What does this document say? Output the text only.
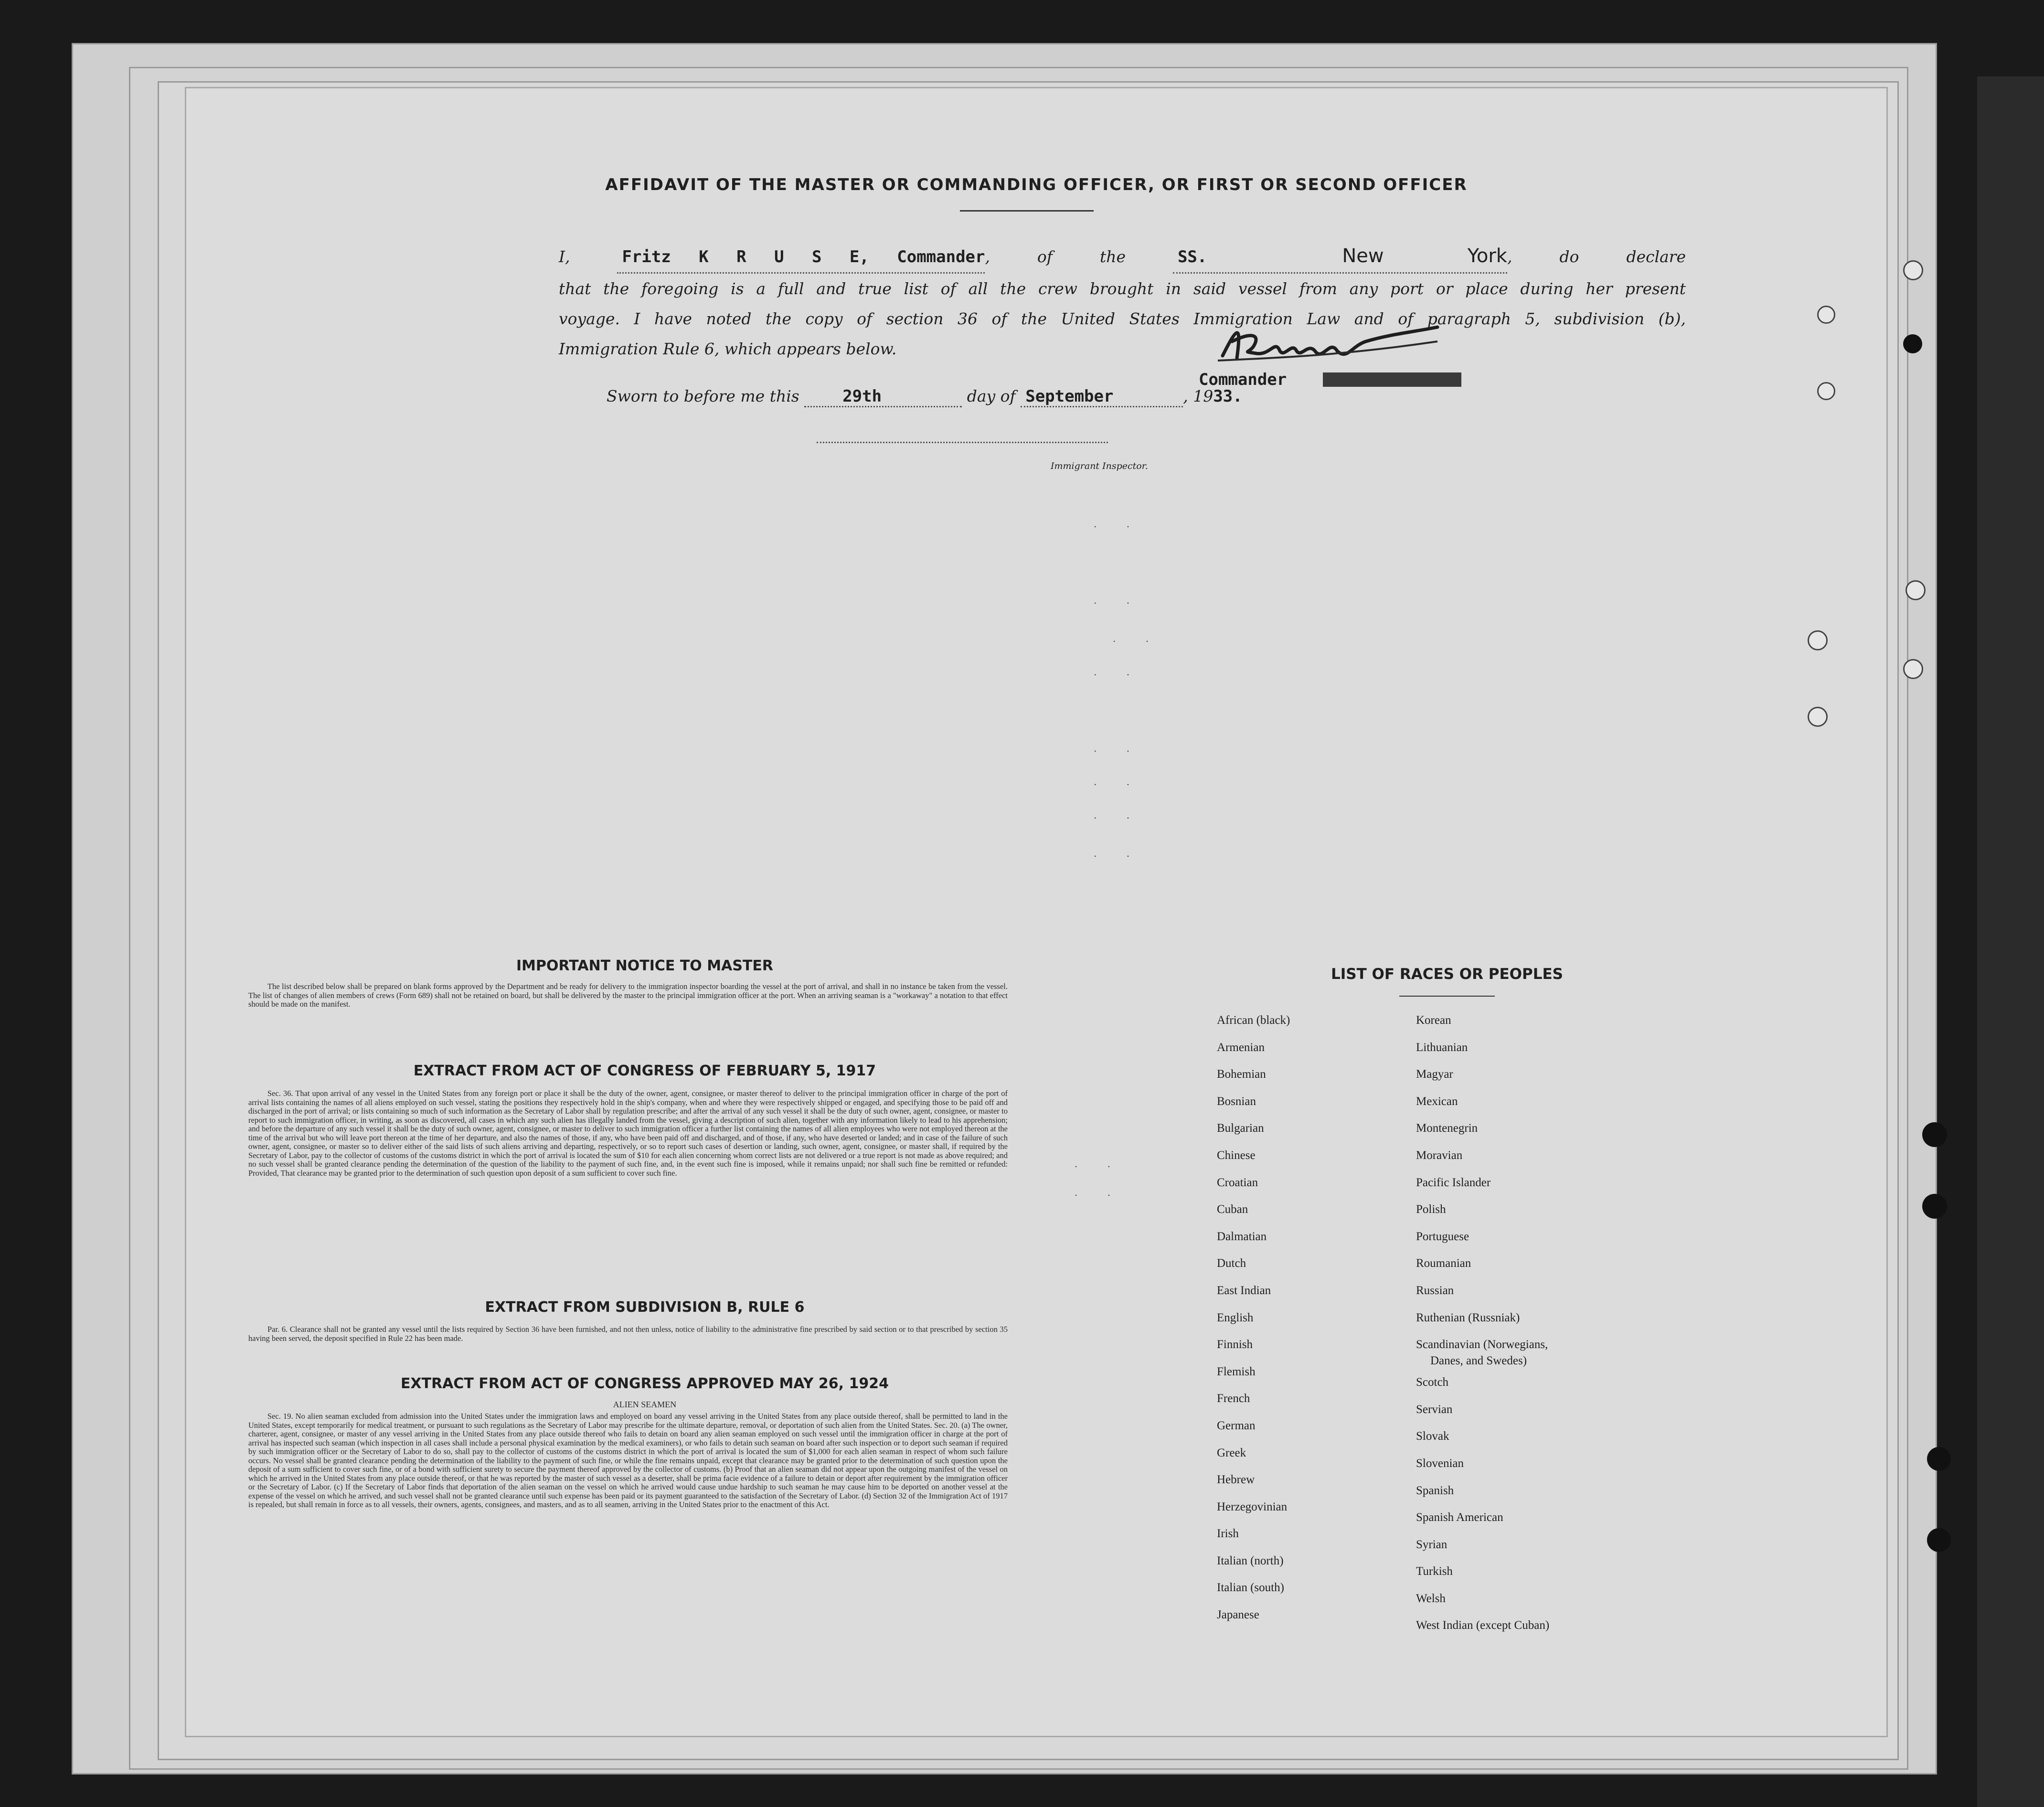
AFFIDAVIT OF THE MASTER OR COMMANDING OFFICER, OR FIRST OR SECOND OFFICER
I,	Fritz K R U S E, Commander, of the	SS.	New York, do declare
that the foregoing is a full and true list of all the crew brought in said vessel from any port or place during her present
voyage. I have noted the copy of section 36 of the United States Immigration Law and of paragraph 5, subdivision (b),
Immigration Rule 6, which appears below.
Commander
Sworn to before me this	29th	day of September	, 1933.
Immigrant Inspector.
. .
. .
. .
. .
. .
. .
. .
. .
. .
. .
IMPORTANT NOTICE TO MASTER
The list described below shall be prepared on blank forms approved by the Department and be ready for delivery to the immigration inspector boarding the vessel at the port of arrival, and shall in no instance be taken from the vessel. The list of changes of alien members of crews (Form 689) shall not be retained on board, but shall be delivered by the master to the principal immigration officer at the port. When an arriving seaman is a "workaway" a notation to that effect should be made on the manifest.
EXTRACT FROM ACT OF CONGRESS OF FEBRUARY 5, 1917
Sec. 36. That upon arrival of any vessel in the United States from any foreign port or place it shall be the duty of the owner, agent, consignee, or master thereof to deliver to the principal immigration officer in charge of the port of arrival lists containing the names of all aliens employed on such vessel, stating the positions they respectively hold in the ship's company, when and where they were respectively shipped or engaged, and specifying those to be paid off and discharged in the port of arrival; or lists containing so much of such information as the Secretary of Labor shall by regulation prescribe; and after the arrival of any such vessel it shall be the duty of such owner, agent, consignee, or master to report to such immigration officer, in writing, as soon as discovered, all cases in which any such alien has illegally landed from the vessel, giving a description of such alien, together with any information likely to lead to his apprehension; and before the departure of any such vessel it shall be the duty of such owner, agent, consignee, or master to deliver to such immigration officer a further list containing the names of all alien employees who were not employed thereon at the time of the arrival but who will leave port thereon at the time of her departure, and also the names of those, if any, who have been paid off and discharged, and of those, if any, who have deserted or landed; and in case of the failure of such owner, agent, consignee, or master so to deliver either of the said lists of such aliens arriving and departing, respectively, or so to report such cases of desertion or landing, such owner, agent, consignee, or master shall, if required by the Secretary of Labor, pay to the collector of customs of the customs district in which the port of arrival is located the sum of $10 for each alien concerning whom correct lists are not delivered or a true report is not made as above required; and no such vessel shall be granted clearance pending the determination of the question of the liability to the payment of such fine, and, in the event such fine is imposed, while it remains unpaid; nor shall such fine be remitted or refunded: Provided, That clearance may be granted prior to the determination of such question upon deposit of a sum sufficient to cover such fine.
EXTRACT FROM SUBDIVISION B, RULE 6
Par. 6. Clearance shall not be granted any vessel until the lists required by Section 36 have been furnished, and not then unless, notice of liability to the administrative fine prescribed by said section or to that prescribed by section 35 having been served, the deposit specified in Rule 22 has been made.
EXTRACT FROM ACT OF CONGRESS APPROVED MAY 26, 1924
ALIEN SEAMEN
Sec. 19. No alien seaman excluded from admission into the United States under the immigration laws and employed on board any vessel arriving in the United States from any place outside thereof, shall be permitted to land in the United States, except temporarily for medical treatment, or pursuant to such regulations as the Secretary of Labor may prescribe for the ultimate departure, removal, or deportation of such alien from the United States. Sec. 20. (a) The owner, charterer, agent, consignee, or master of any vessel arriving in the United States from any place outside thereof who fails to detain on board any alien seaman employed on such vessel until the immigration officer in charge at the port of arrival has inspected such seaman (which inspection in all cases shall include a personal physical examination by the medical examiners), or who fails to detain such seaman on board after such inspection or to deport such seaman if required by such immigration officer or the Secretary of Labor to do so, shall pay to the collector of customs of the customs district in which the port of arrival is located the sum of $1,000 for each alien seaman in respect of whom such failure occurs. No vessel shall be granted clearance pending the determination of the liability to the payment of such fine, or while the fine remains unpaid, except that clearance may be granted prior to the determination of such question upon the deposit of a sum sufficient to cover such fine, or of a bond with sufficient surety to secure the payment thereof approved by the collector of customs. (b) Proof that an alien seaman did not appear upon the outgoing manifest of the vessel on which he arrived in the United States from any place outside thereof, or that he was reported by the master of such vessel as a deserter, shall be prima facie evidence of a failure to detain or deport after requirement by the immigration officer or the Secretary of Labor. (c) If the Secretary of Labor finds that deportation of the alien seaman on the vessel on which he arrived would cause undue hardship to such seaman he may cause him to be deported on another vessel at the expense of the vessel on which he arrived, and such vessel shall not be granted clearance until such expense has been paid or its payment guaranteed to the satisfaction of the Secretary of Labor. (d) Section 32 of the Immigration Act of 1917 is repealed, but shall remain in force as to all vessels, their owners, agents, consignees, and masters, and as to all seamen, arriving in the United States prior to the enactment of this Act.
LIST OF RACES OR PEOPLES
African (black)
Armenian
Bohemian
Bosnian
Bulgarian
Chinese
Croatian
Cuban
Dalmatian
Dutch
East Indian
English
Finnish
Flemish
French
German
Greek
Hebrew
Herzegovinian
Irish
Italian (north)
Italian (south)
Japanese
Korean
Lithuanian
Magyar
Mexican
Montenegrin
Moravian
Pacific Islander
Polish
Portuguese
Roumanian
Russian
Ruthenian (Russniak)
Scandinavian (Norwegians,
Danes, and Swedes)
Scotch
Servian
Slovak
Slovenian
Spanish
Spanish American
Syrian
Turkish
Welsh
West Indian (except Cuban)
